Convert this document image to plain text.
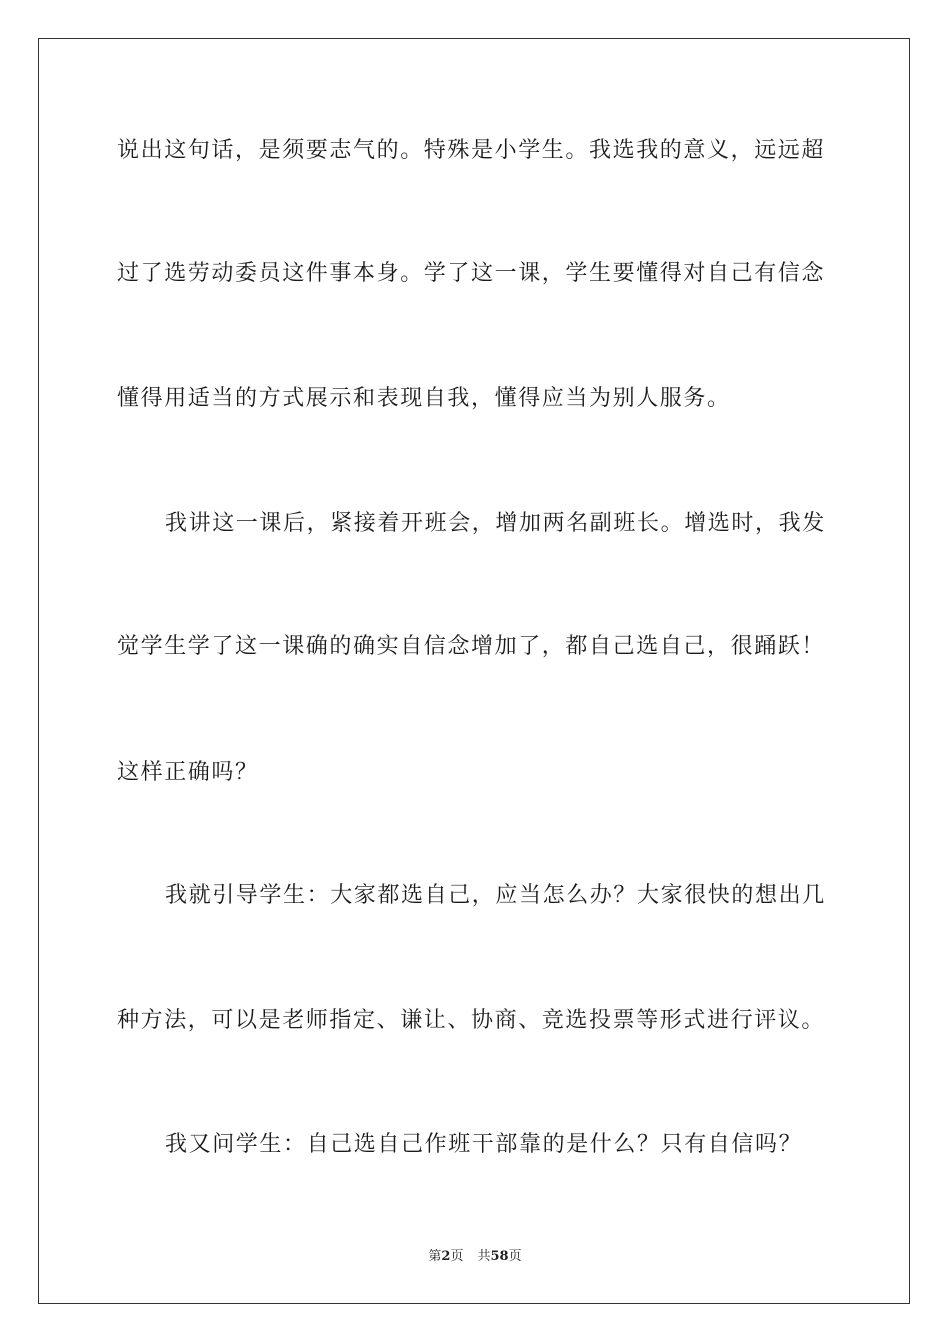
说出这句话，是须要志气的。特殊是小学生。我选我的意义，远远超
过了选劳动委员这件事本身。学了这一课，学生要懂得对自己有信念
懂得用适当的方式展示和表现自我，懂得应当为别人服务。
我讲这一课后，紧接着开班会，增加两名副班长。增选时，我发
觉学生学了这一课确的确实自信念增加了，都自己选自己，很踊跃！
这样正确吗？
我就引导学生：大家都选自己，应当怎么办？大家很快的想出几
种方法，可以是老师指定、谦让、协商、竞选投票等形式进行评议。
我又问学生：自己选自己作班干部靠的是什么？只有自信吗？
第2页 共58页
